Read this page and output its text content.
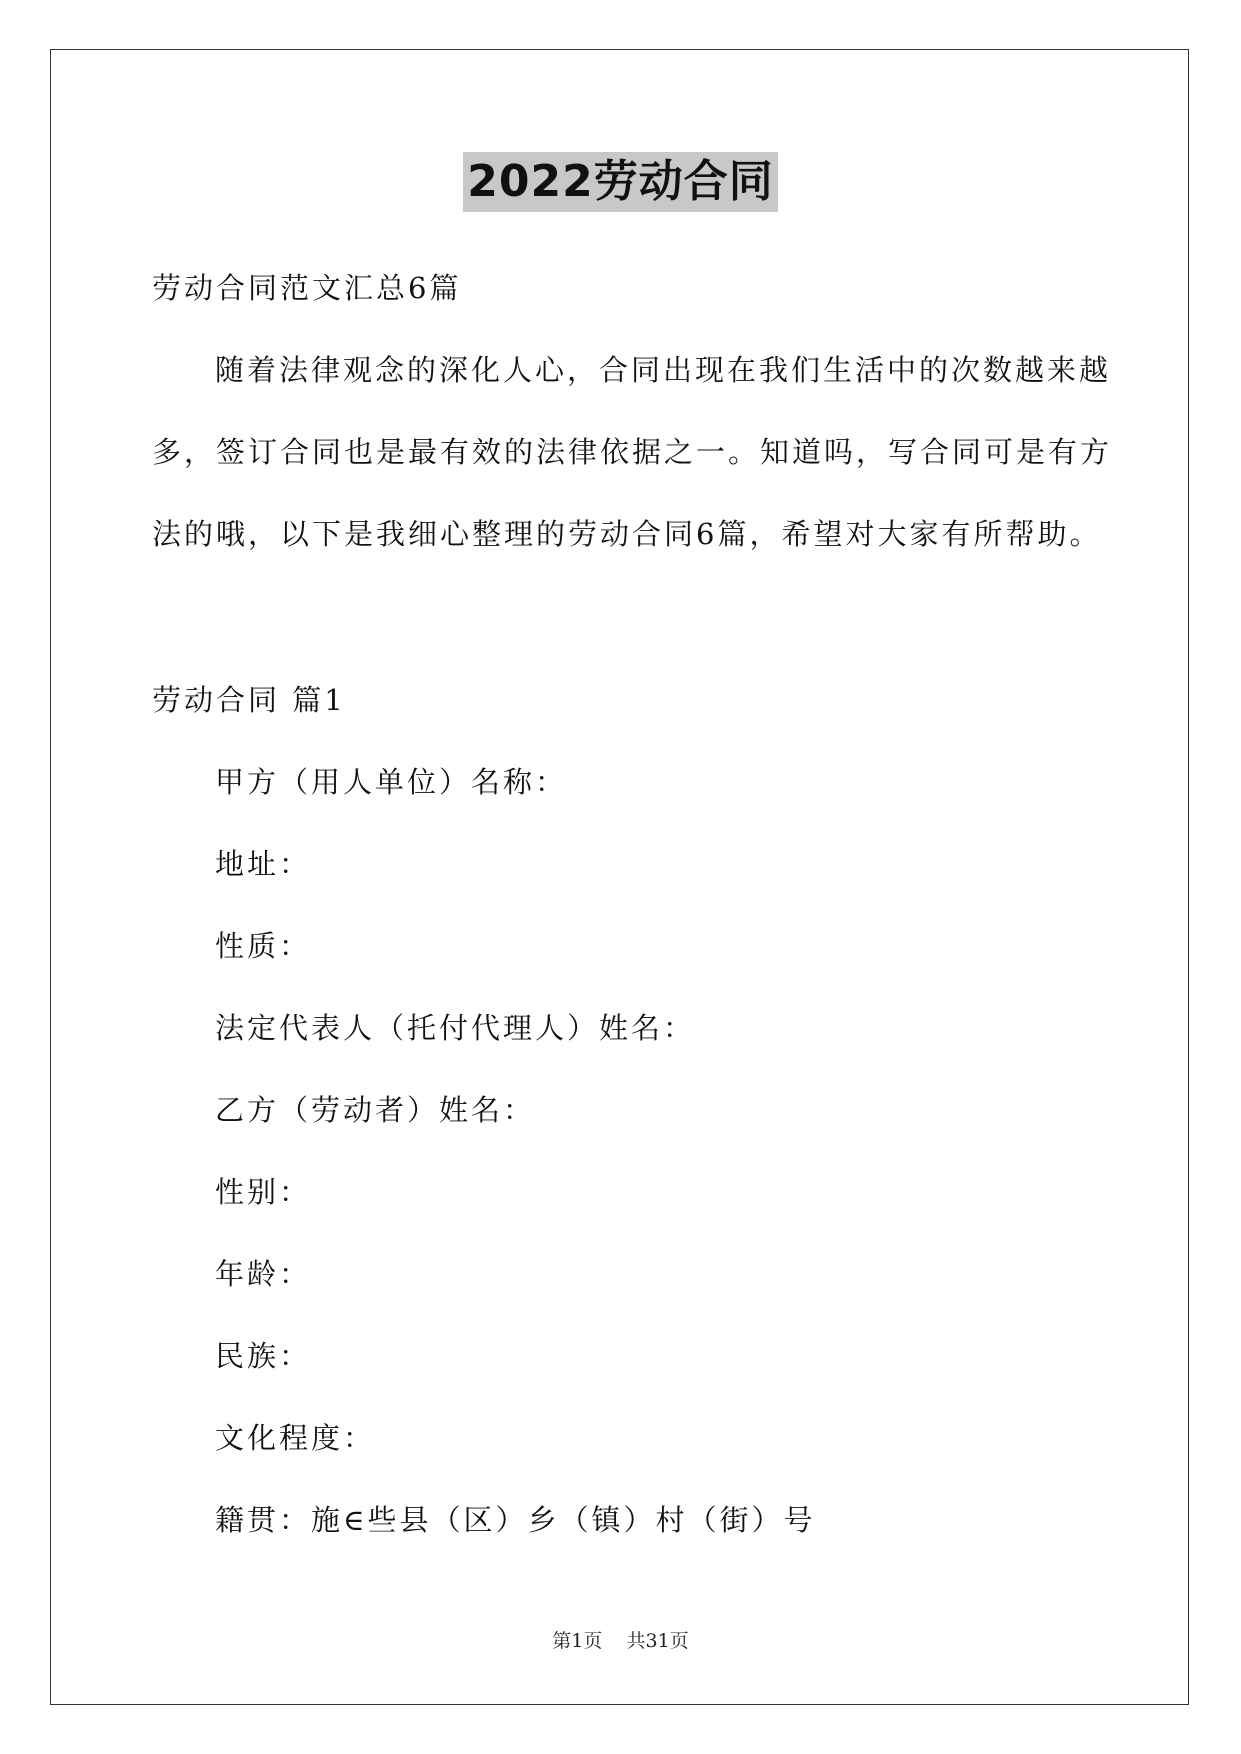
2022劳动合同
劳动合同范文汇总6篇
随着法律观念的深化人心，合同出现在我们生活中的次数越来越
多，签订合同也是最有效的法律依据之一。知道吗，写合同可是有方
法的哦，以下是我细心整理的劳动合同6篇，希望对大家有所帮助。
劳动合同 篇1
甲方（用人单位）名称：
地址：
性质：
法定代表人（托付代理人）姓名：
乙方（劳动者）姓名：
性别：
年龄：
民族：
文化程度：
籍贯：施∈些县（区）乡（镇）村（街）号
第1页    共31页
